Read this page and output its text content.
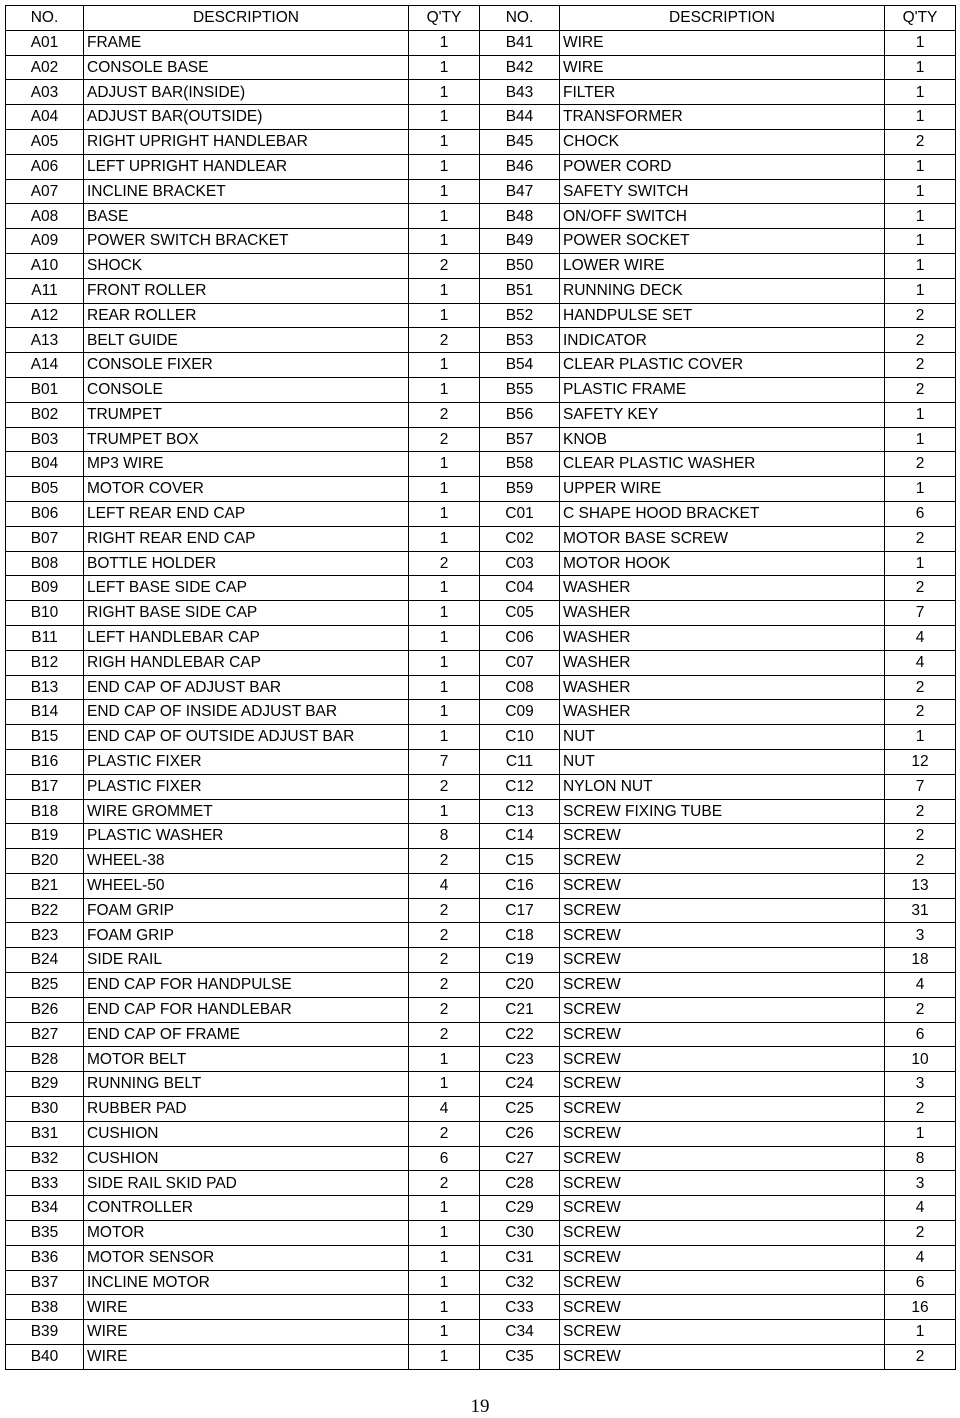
NO.	DESCRIPTION	Q'TY	NO.	DESCRIPTION	Q'TY
A01	FRAME	1	B41	WIRE	1
A02	CONSOLE BASE	1	B42	WIRE	1
A03	ADJUST BAR(INSIDE)	1	B43	FILTER	1
A04	ADJUST BAR(OUTSIDE)	1	B44	TRANSFORMER	1
A05	RIGHT UPRIGHT HANDLEBAR	1	B45	CHOCK	2
A06	LEFT UPRIGHT HANDLEAR	1	B46	POWER CORD	1
A07	INCLINE BRACKET	1	B47	SAFETY SWITCH	1
A08	BASE	1	B48	ON/OFF SWITCH	1
A09	POWER SWITCH BRACKET	1	B49	POWER SOCKET	1
A10	SHOCK	2	B50	LOWER WIRE	1
A11	FRONT ROLLER	1	B51	RUNNING DECK	1
A12	REAR ROLLER	1	B52	HANDPULSE SET	2
A13	BELT GUIDE	2	B53	INDICATOR	2
A14	CONSOLE FIXER	1	B54	CLEAR PLASTIC COVER	2
B01	CONSOLE	1	B55	PLASTIC FRAME	2
B02	TRUMPET	2	B56	SAFETY KEY	1
B03	TRUMPET BOX	2	B57	KNOB	1
B04	MP3 WIRE	1	B58	CLEAR PLASTIC WASHER	2
B05	MOTOR COVER	1	B59	UPPER WIRE	1
B06	LEFT REAR END CAP	1	C01	C SHAPE HOOD BRACKET	6
B07	RIGHT REAR END CAP	1	C02	MOTOR BASE SCREW	2
B08	BOTTLE HOLDER	2	C03	MOTOR HOOK	1
B09	LEFT BASE SIDE CAP	1	C04	WASHER	2
B10	RIGHT BASE SIDE CAP	1	C05	WASHER	7
B11	LEFT HANDLEBAR CAP	1	C06	WASHER	4
B12	RIGH HANDLEBAR CAP	1	C07	WASHER	4
B13	END CAP OF ADJUST BAR	1	C08	WASHER	2
B14	END CAP OF INSIDE ADJUST BAR	1	C09	WASHER	2
B15	END CAP OF OUTSIDE ADJUST BAR	1	C10	NUT	1
B16	PLASTIC FIXER	7	C11	NUT	12
B17	PLASTIC FIXER	2	C12	NYLON NUT	7
B18	WIRE GROMMET	1	C13	SCREW FIXING TUBE	2
B19	PLASTIC WASHER	8	C14	SCREW	2
B20	WHEEL-38	2	C15	SCREW	2
B21	WHEEL-50	4	C16	SCREW	13
B22	FOAM GRIP	2	C17	SCREW	31
B23	FOAM GRIP	2	C18	SCREW	3
B24	SIDE RAIL	2	C19	SCREW	18
B25	END CAP FOR HANDPULSE	2	C20	SCREW	4
B26	END CAP FOR HANDLEBAR	2	C21	SCREW	2
B27	END CAP OF FRAME	2	C22	SCREW	6
B28	MOTOR BELT	1	C23	SCREW	10
B29	RUNNING BELT	1	C24	SCREW	3
B30	RUBBER PAD	4	C25	SCREW	2
B31	CUSHION	2	C26	SCREW	1
B32	CUSHION	6	C27	SCREW	8
B33	SIDE RAIL SKID PAD	2	C28	SCREW	3
B34	CONTROLLER	1	C29	SCREW	4
B35	MOTOR	1	C30	SCREW	2
B36	MOTOR SENSOR	1	C31	SCREW	4
B37	INCLINE MOTOR	1	C32	SCREW	6
B38	WIRE	1	C33	SCREW	16
B39	WIRE	1	C34	SCREW	1
B40	WIRE	1	C35	SCREW	2
19
